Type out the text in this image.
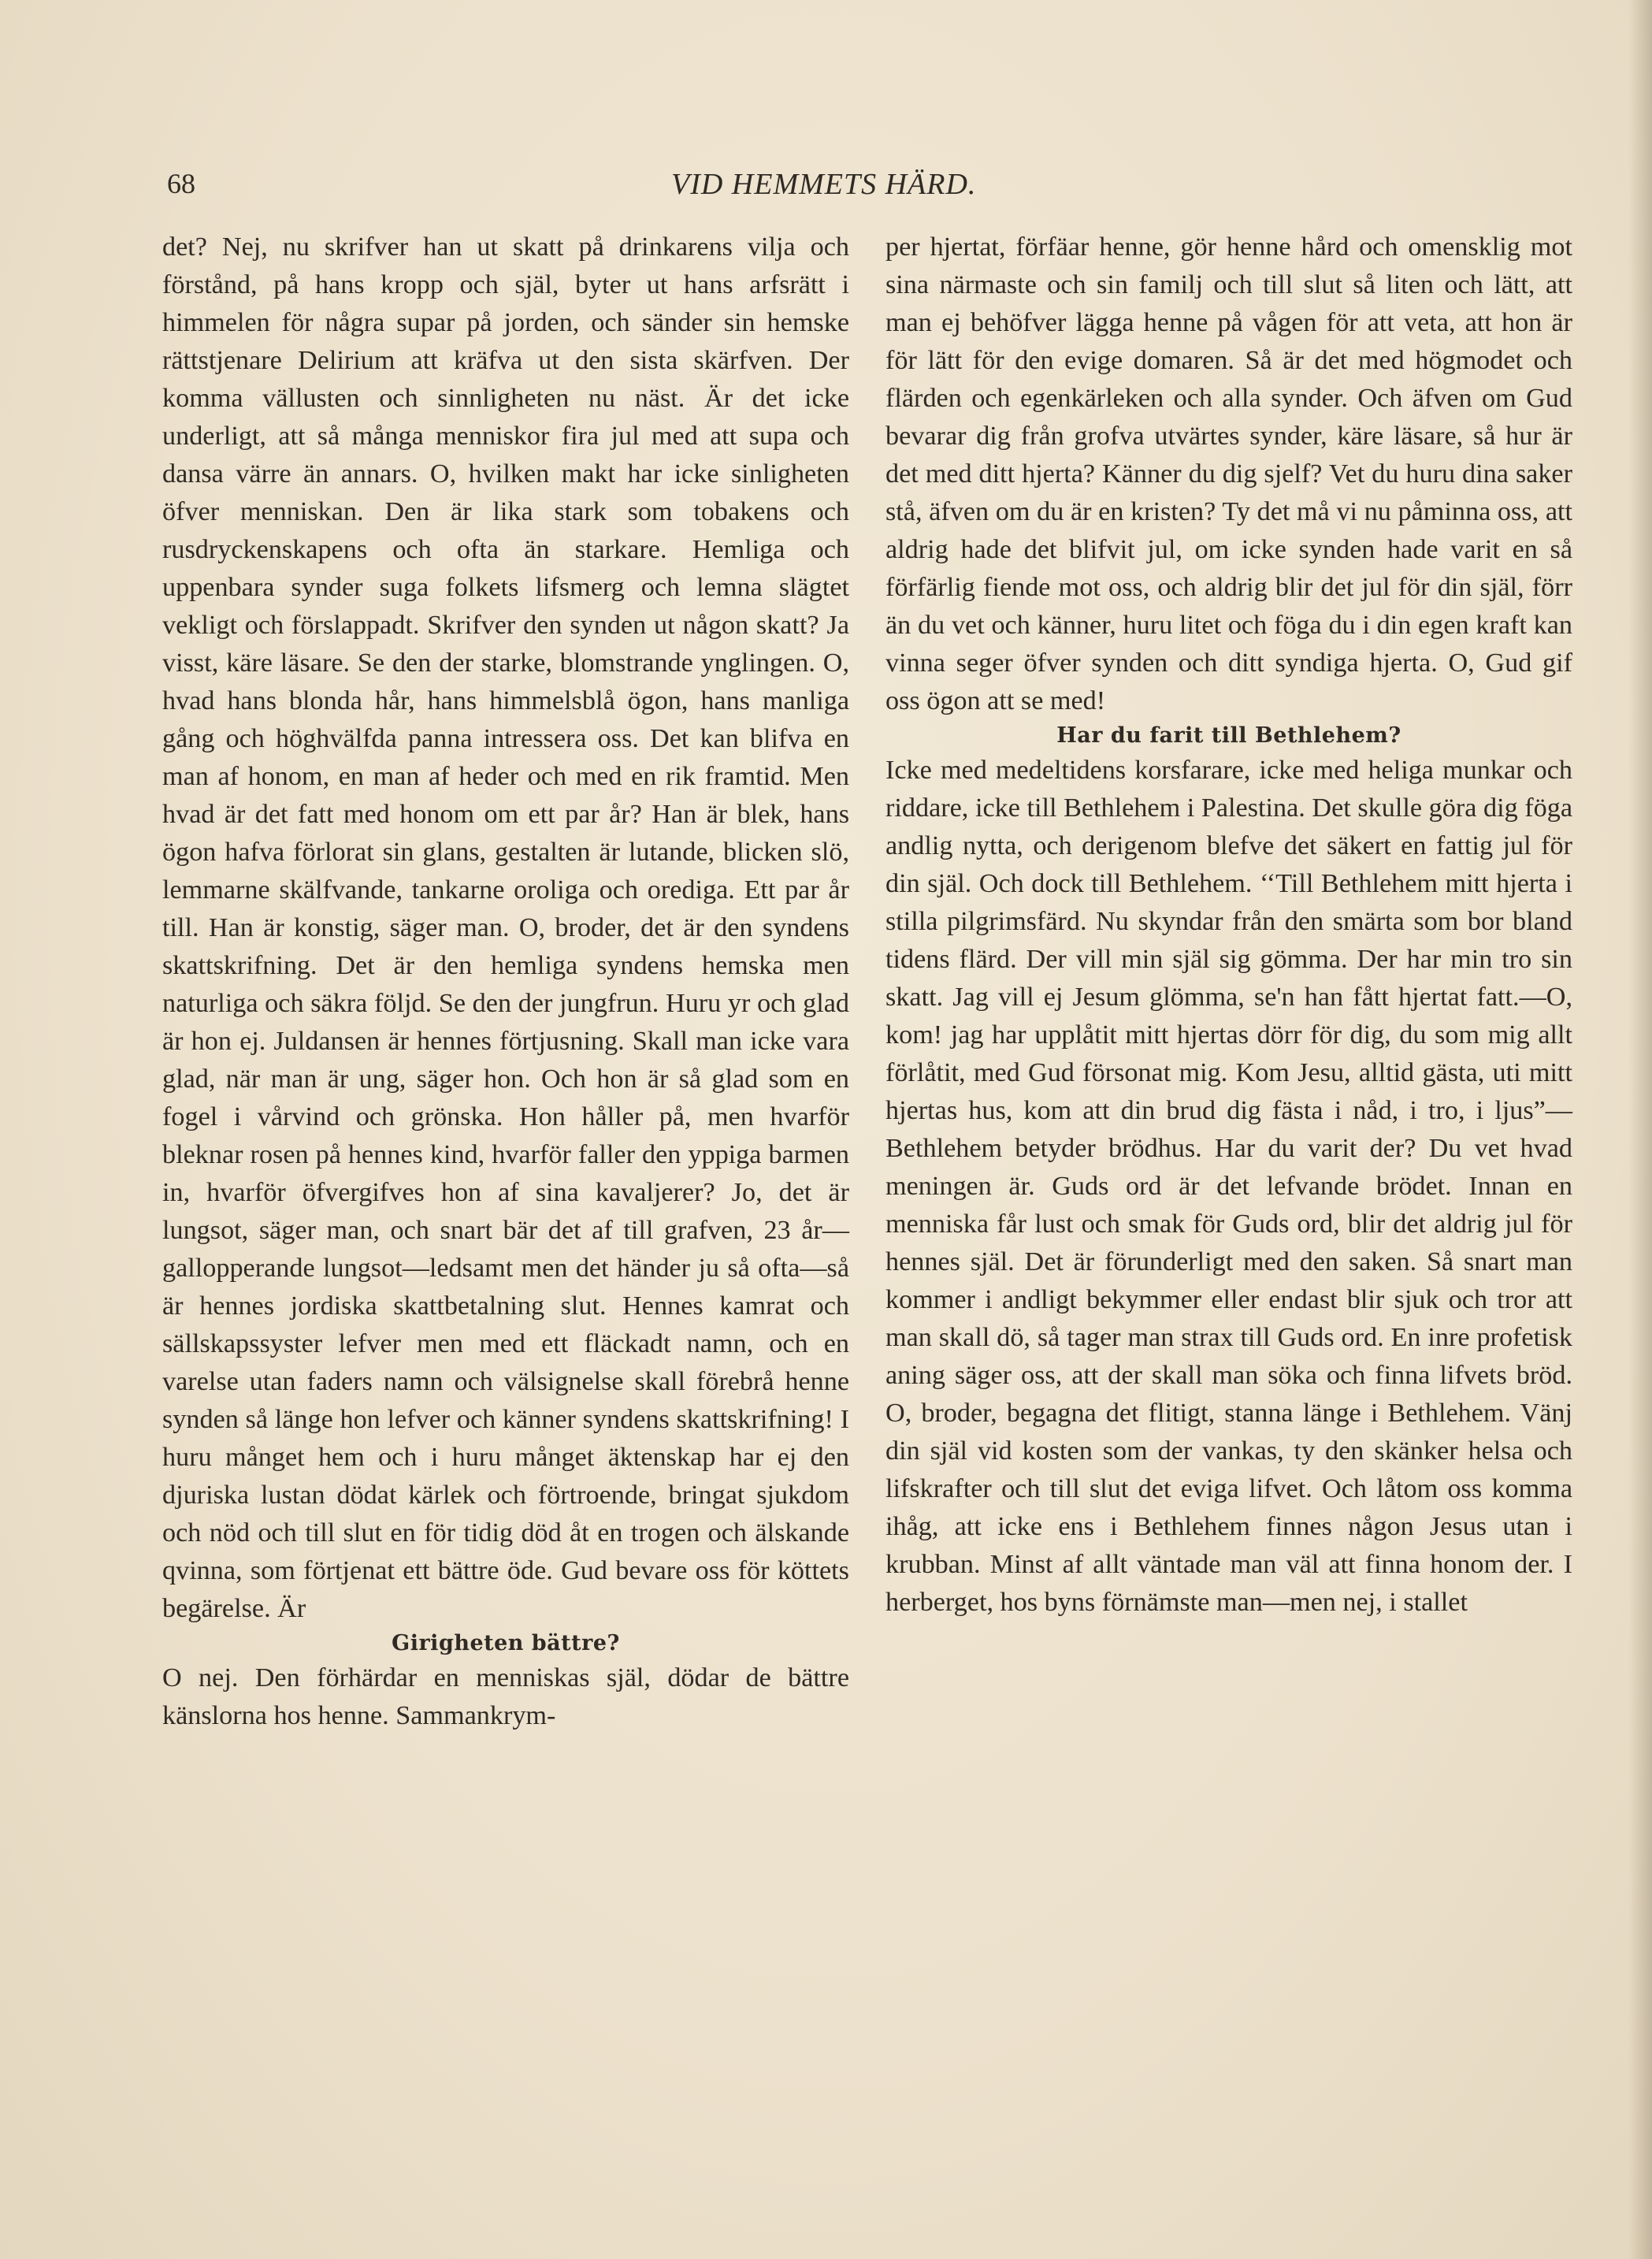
68	VID HEMMETS HÄRD.

det? Nej, nu skrifver han ut skatt på drinkarens vilja och förstånd, på hans kropp och själ, byter ut hans arfsrätt i himmelen för några supar på jorden, och sänder sin hemske rättstjenare Delirium att kräfva ut den sista skärfven. Der komma vällusten och sinnligheten nu näst. Är det icke underligt, att så många menniskor fira jul med att supa och dansa värre än annars. O, hvilken makt har icke sinligheten öfver menniskan. Den är lika stark som tobakens och rusdryckenskapens och ofta än starkare. Hemliga och uppenbara synder suga folkets lifsmerg och lemna slägtet vekligt och förslappadt. Skrifver den synden ut någon skatt? Ja visst, käre läsare. Se den der starke, blomstrande ynglingen. O, hvad hans blonda hår, hans himmelsblå ögon, hans manliga gång och höghvälfda panna intressera oss. Det kan blifva en man af honom, en man af heder och med en rik framtid. Men hvad är det fatt med honom om ett par år? Han är blek, hans ögon hafva förlorat sin glans, gestalten är lutande, blicken slö, lemmarne skälfvande, tankarne oroliga och orediga. Ett par år till. Han är konstig, säger man. O, broder, det är den syndens skattskrifning. Det är den hemliga syndens hemska men naturliga och säkra följd. Se den der jungfrun. Huru yr och glad är hon ej. Juldansen är hennes förtjusning. Skall man icke vara glad, när man är ung, säger hon. Och hon är så glad som en fogel i vårvind och grönska. Hon håller på, men hvarför bleknar rosen på hennes kind, hvarför faller den yppiga barmen in, hvarför öfvergifves hon af sina kavaljerer? Jo, det är lungsot, säger man, och snart bär det af till grafven, 23 år—gallopperande lungsot—ledsamt men det händer ju så ofta—så är hennes jordiska skattbetalning slut. Hennes kamrat och sällskapssyster lefver men med ett fläckadt namn, och en varelse utan faders namn och välsignelse skall förebrå henne synden så länge hon lefver och känner syndens skattskrifning! I huru månget hem och i huru månget äktenskap har ej den djuriska lustan dödat kärlek och förtroende, bringat sjukdom och nöd och till slut en för tidig död åt en trogen och älskande qvinna, som förtjenat ett bättre öde. Gud bevare oss för köttets begärelse. Är

Girigheten bättre?

O nej. Den förhärdar en menniskas själ, dödar de bättre känslorna hos henne. Sammankrym-

per hjertat, förfäar henne, gör henne hård och omensklig mot sina närmaste och sin familj och till slut så liten och lätt, att man ej behöfver lägga henne på vågen för att veta, att hon är för lätt för den evige domaren. Så är det med högmodet och flärden och egenkärleken och alla synder. Och äfven om Gud bevarar dig från grofva utvärtes synder, käre läsare, så hur är det med ditt hjerta? Känner du dig sjelf? Vet du huru dina saker stå, äfven om du är en kristen? Ty det må vi nu påminna oss, att aldrig hade det blifvit jul, om icke synden hade varit en så förfärlig fiende mot oss, och aldrig blir det jul för din själ, förr än du vet och känner, huru litet och föga du i din egen kraft kan vinna seger öfver synden och ditt syndiga hjerta. O, Gud gif oss ögon att se med!

Har du farit till Bethlehem?

Icke med medeltidens korsfarare, icke med heliga munkar och riddare, icke till Bethlehem i Palestina. Det skulle göra dig föga andlig nytta, och derigenom blefve det säkert en fattig jul för din själ. Och dock till Bethlehem. ‘‘Till Bethlehem mitt hjerta i stilla pilgrimsfärd. Nu skyndar från den smärta som bor bland tidens flärd. Der vill min själ sig gömma. Der har min tro sin skatt. Jag vill ej Jesum glömma, se'n han fått hjertat fatt.—O, kom! jag har upplåtit mitt hjertas dörr för dig, du som mig allt förlåtit, med Gud försonat mig. Kom Jesu, alltid gästa, uti mitt hjertas hus, kom att din brud dig fästa i nåd, i tro, i ljus”—Bethlehem betyder brödhus. Har du varit der? Du vet hvad meningen är. Guds ord är det lefvande brödet. Innan en menniska får lust och smak för Guds ord, blir det aldrig jul för hennes själ. Det är förunderligt med den saken. Så snart man kommer i andligt bekymmer eller endast blir sjuk och tror att man skall dö, så tager man strax till Guds ord. En inre profetisk aning säger oss, att der skall man söka och finna lifvets bröd. O, broder, begagna det flitigt, stanna länge i Bethlehem. Vänj din själ vid kosten som der vankas, ty den skänker helsa och lifskrafter och till slut det eviga lifvet. Och låtom oss komma ihåg, att icke ens i Bethlehem finnes någon Jesus utan i krubban. Minst af allt väntade man väl att finna honom der. I herberget, hos byns förnämste man—men nej, i stallet
